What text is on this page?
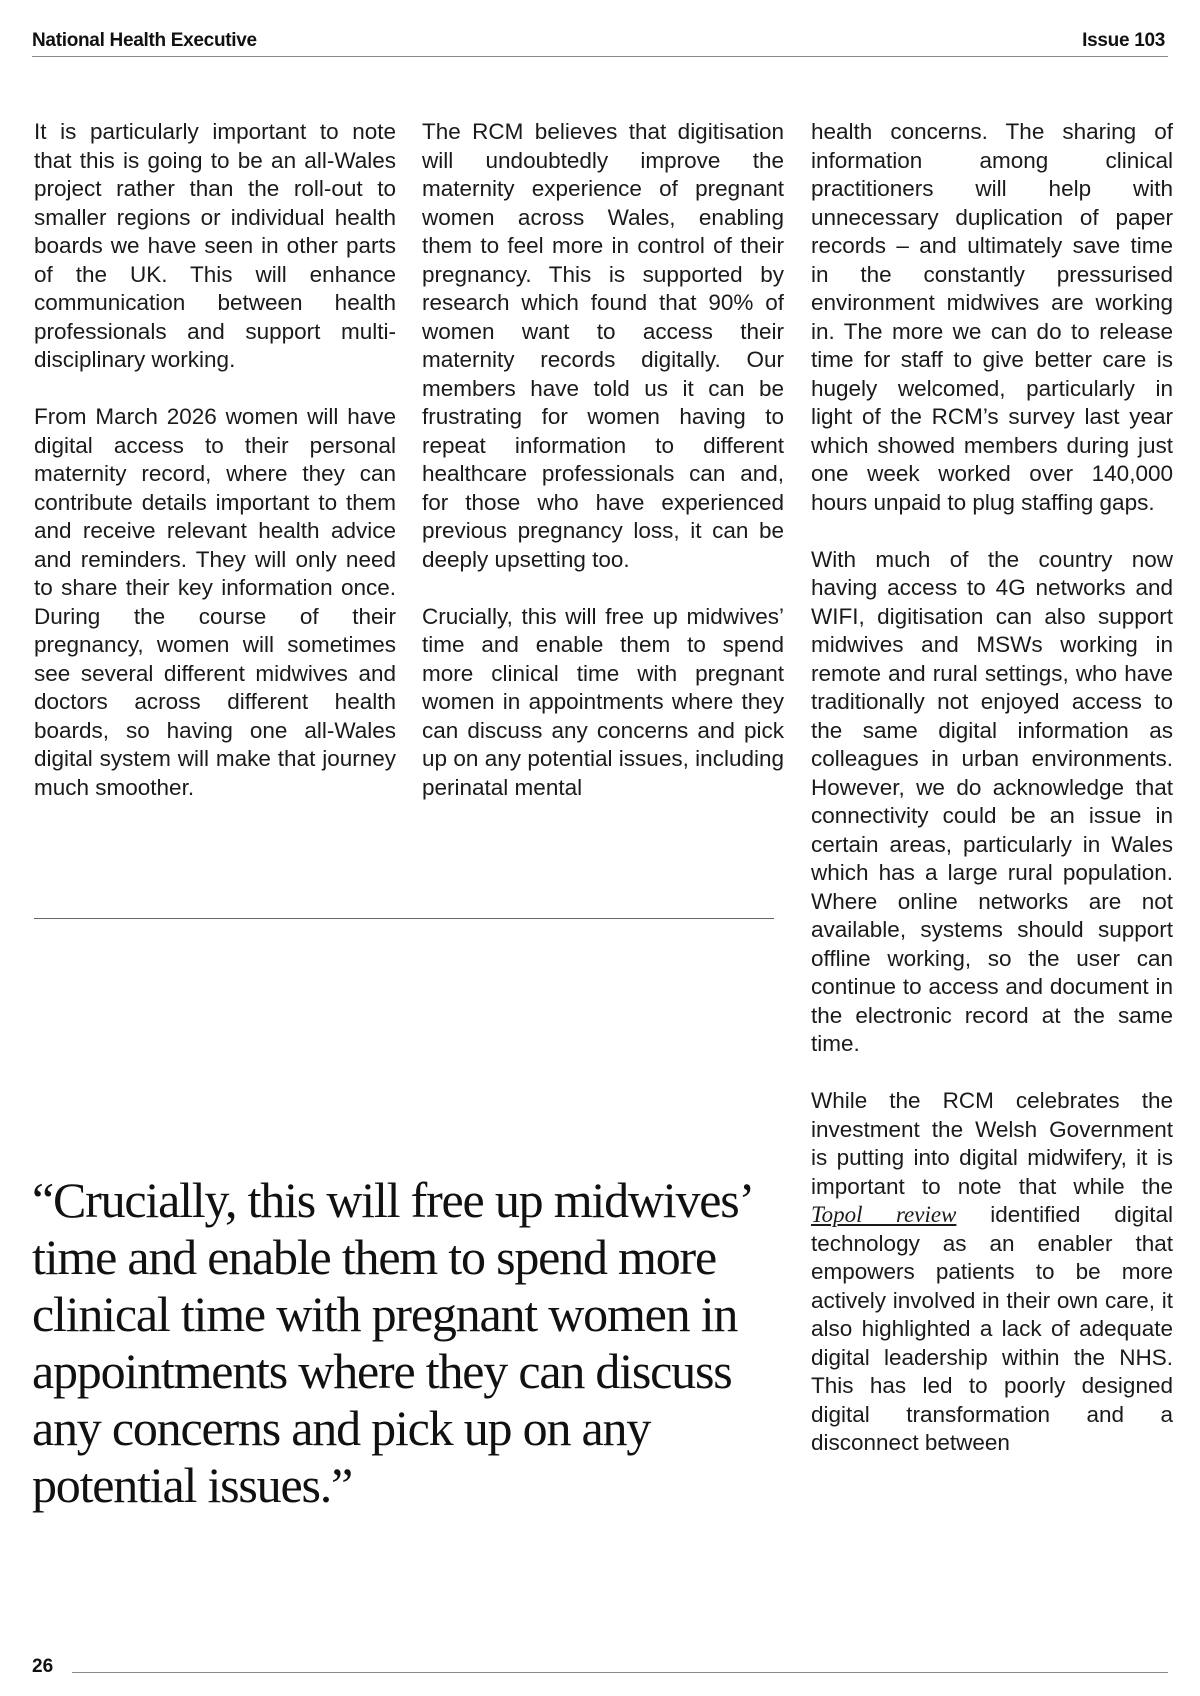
National Health Executive	Issue 103

It is particularly important to note that this is going to be an all-Wales project rather than the roll-out to smaller regions or individual health boards we have seen in other parts of the UK. This will enhance communication between health professionals and support multi-disciplinary working.

From March 2026 women will have digital access to their personal maternity record, where they can contribute details important to them and receive relevant health advice and reminders. They will only need to share their key information once. During the course of their pregnancy, women will sometimes see several different midwives and doctors across different health boards, so having one all-Wales digital system will make that journey much smoother.

The RCM believes that digitisation will undoubtedly improve the maternity experience of pregnant women across Wales, enabling them to feel more in control of their pregnancy. This is supported by research which found that 90% of women want to access their maternity records digitally. Our members have told us it can be frustrating for women having to repeat information to different healthcare professionals can and, for those who have experienced previous pregnancy loss, it can be deeply upsetting too.

Crucially, this will free up midwives’ time and enable them to spend more clinical time with pregnant women in appointments where they can discuss any concerns and pick up on any potential issues, including perinatal mental

health concerns. The sharing of information among clinical practitioners will help with unnecessary duplication of paper records – and ultimately save time in the constantly pressurised environment midwives are working in. The more we can do to release time for staff to give better care is hugely welcomed, particularly in light of the RCM’s survey last year which showed members during just one week worked over 140,000 hours unpaid to plug staffing gaps.

With much of the country now having access to 4G networks and WIFI, digitisation can also support midwives and MSWs working in remote and rural settings, who have traditionally not enjoyed access to the same digital information as colleagues in urban environments. However, we do acknowledge that connectivity could be an issue in certain areas, particularly in Wales which has a large rural population. Where online networks are not available, systems should support offline working, so the user can continue to access and document in the electronic record at the same time.

While the RCM celebrates the investment the Welsh Government is putting into digital midwifery, it is important to note that while the Topol review identified digital technology as an enabler that empowers patients to be more actively involved in their own care, it also highlighted a lack of adequate digital leadership within the NHS. This has led to poorly designed digital transformation and a disconnect between

“Crucially, this will free up midwives’ time and enable them to spend more clinical time with pregnant women in appointments where they can discuss any concerns and pick up on any potential issues.”
26
